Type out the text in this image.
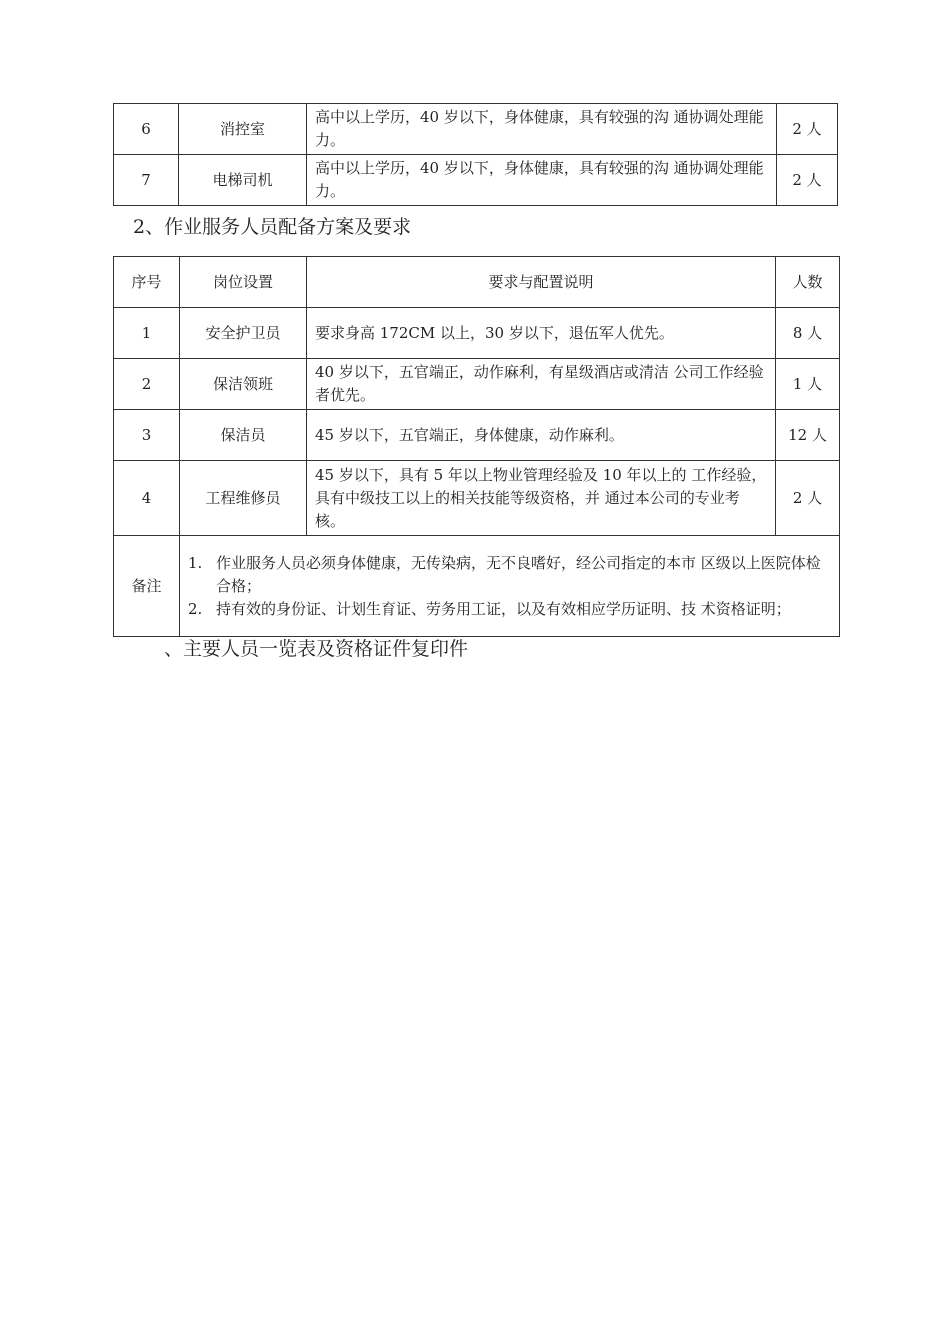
6	消控室	高中以上学历，40 岁以下，身体健康，具有较强的沟 通协调处理能力。	2 人
7	电梯司机	高中以上学历，40 岁以下，身体健康，具有较强的沟 通协调处理能力。	2 人
2、作业服务人员配备方案及要求
序号	岗位设置	要求与配置说明	人数
1	安全护卫员	要求身高 172CM 以上，30 岁以下，退伍军人优先。	8 人
2	保洁领班	40 岁以下，五官端正，动作麻利，有星级酒店或清洁 公司工作经验者优先。	1 人
3	保洁员	45 岁以下，五官端正，身体健康，动作麻利。	12 人
4	工程维修员	45 岁以下，具有 5 年以上物业管理经验及 10 年以上的 工作经验，具有中级技工以上的相关技能等级资格，并 通过本公司的专业考核。	2 人
备注	1. 作业服务人员必须身体健康，无传染病，无不良嗜好，经公司指定的本市 区级以上医院体检合格；
2. 持有效的身份证、计划生育证、劳务用工证，以及有效相应学历证明、技 术资格证明；		
、主要人员一览表及资格证件复印件
